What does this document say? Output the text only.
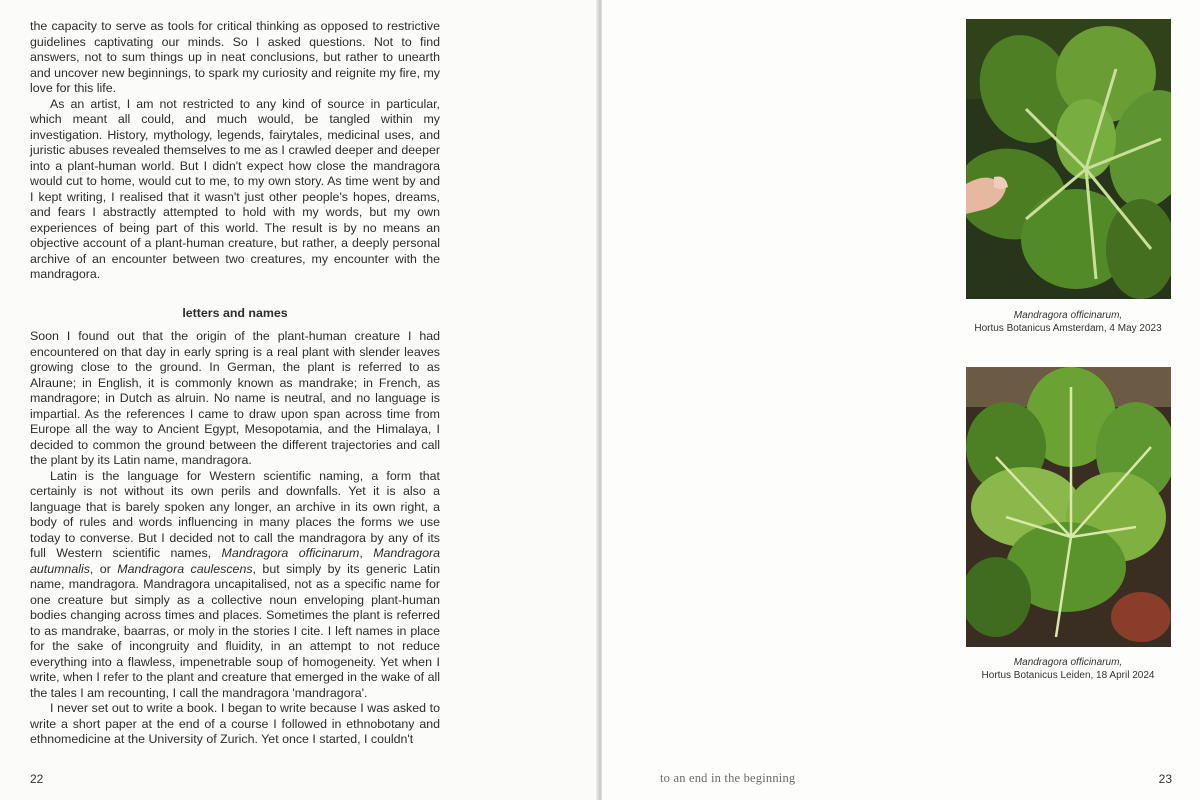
the capacity to serve as tools for critical thinking as opposed to restrictive guidelines captivating our minds. So I asked questions. Not to find answers, not to sum things up in neat conclusions, but rather to unearth and uncover new beginnings, to spark my curiosity and reignite my fire, my love for this life.

As an artist, I am not restricted to any kind of source in particular, which meant all could, and much would, be tangled within my investigation. History, mythology, legends, fairytales, medicinal uses, and juristic abuses revealed themselves to me as I crawled deeper and deeper into a plant-human world. But I didn't expect how close the mandragora would cut to home, would cut to me, to my own story. As time went by and I kept writing, I realised that it wasn't just other people's hopes, dreams, and fears I abstractly attempted to hold with my words, but my own experiences of being part of this world. The result is by no means an objective account of a plant-human creature, but rather, a deeply personal archive of an encounter between two creatures, my encounter with the mandragora.

letters and names

Soon I found out that the origin of the plant-human creature I had encountered on that day in early spring is a real plant with slender leaves growing close to the ground. In German, the plant is referred to as Alraune; in English, it is commonly known as mandrake; in French, as mandragore; in Dutch as alruin. No name is neutral, and no language is impartial. As the references I came to draw upon span across time from Europe all the way to Ancient Egypt, Mesopotamia, and the Himalaya, I decided to common the ground between the different trajectories and call the plant by its Latin name, mandragora.

Latin is the language for Western scientific naming, a form that certainly is not without its own perils and downfalls. Yet it is also a language that is barely spoken any longer, an archive in its own right, a body of rules and words influencing in many places the forms we use today to converse. But I decided not to call the mandragora by any of its full Western scientific names, Mandragora officinarum, Mandragora autumnalis, or Mandragora caulescens, but simply by its generic Latin name, mandragora. Mandragora uncapitalised, not as a specific name for one creature but simply as a collective noun enveloping plant-human bodies changing across times and places. Sometimes the plant is referred to as mandrake, baarras, or moly in the stories I cite. I left names in place for the sake of incongruity and fluidity, in an attempt to not reduce everything into a flawless, impenetrable soup of homogeneity. Yet when I write, when I refer to the plant and creature that emerged in the wake of all the tales I am recounting, I call the mandragora 'mandragora'.

I never set out to write a book. I began to write because I was asked to write a short paper at the end of a course I followed in ethnobotany and ethnomedicine at the University of Zurich. Yet once I started, I couldn't

22
Mandragora officinarum,
Hortus Botanicus Amsterdam, 4 May 2023
Mandragora officinarum,
Hortus Botanicus Leiden, 18 April 2024
to an end in the beginning	23
